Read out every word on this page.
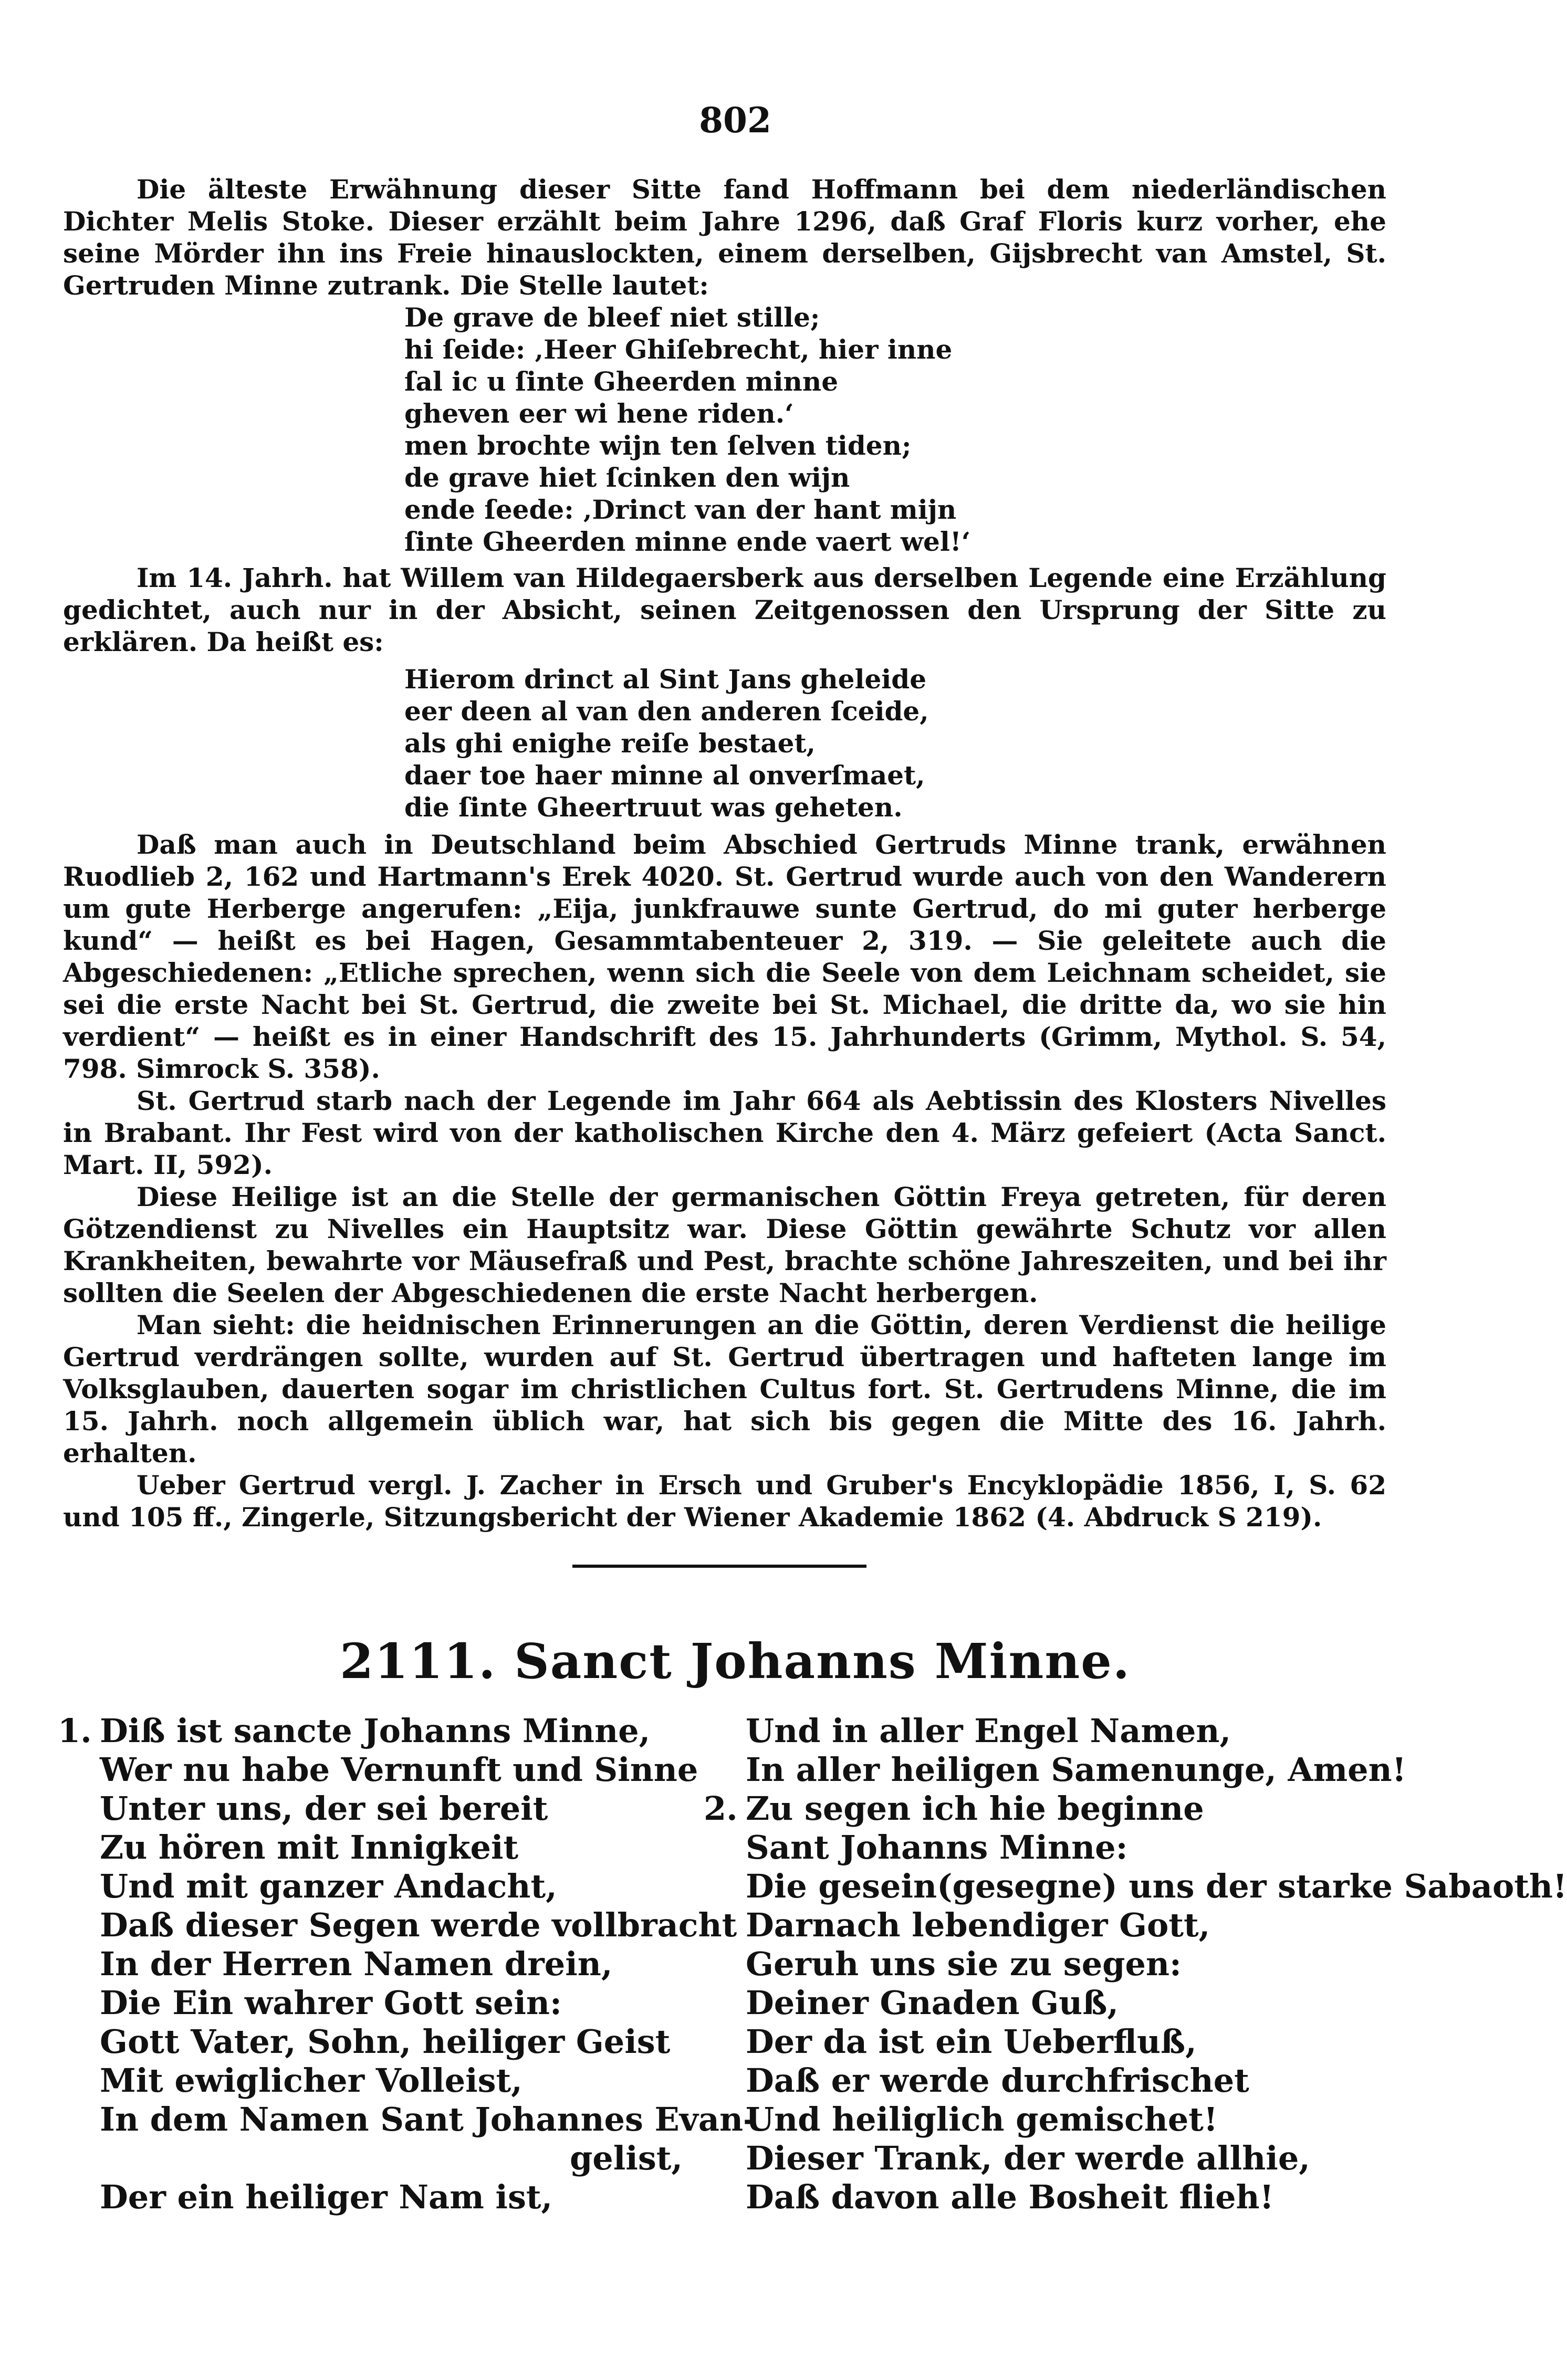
802

Die älteste Erwähnung dieser Sitte fand Hoffmann bei dem niederländischen Dichter Melis Stoke. Dieser erzählt beim Jahre 1296, daß Graf Floris kurz vorher, ehe seine Mörder ihn ins Freie hinauslockten, einem derselben, Gijsbrecht van Amstel, St. Gertruden Minne zutrank. Die Stelle lautet:

De grave de bleef niet stille;
hi ſeide: ‚Heer Ghiſebrecht, hier inne
ſal ic u ſinte Gheerden minne
gheven eer wi hene riden.‘
men brochte wijn ten ſelven tiden;
de grave hiet ſcinken den wijn
ende ſeede: ‚Drinct van der hant mijn
ſinte Gheerden minne ende vaert wel!‘

Im 14. Jahrh. hat Willem van Hildegaersberk aus derselben Legende eine Erzählung gedichtet, auch nur in der Absicht, seinen Zeitgenossen den Ursprung der Sitte zu erklären. Da heißt es:

Hierom drinct al Sint Jans gheleide
eer deen al van den anderen ſceide,
als ghi enighe reiſe bestaet,
daer toe haer minne al onverſmaet,
die ſinte Gheertruut was geheten.

Daß man auch in Deutschland beim Abschied Gertruds Minne trank, erwähnen Ruodlieb 2, 162 und Hartmann's Erek 4020. St. Gertrud wurde auch von den Wanderern um gute Herberge angerufen: „Eija, junkfrauwe sunte Gertrud, do mi guter herberge kund“ — heißt es bei Hagen, Gesammtabenteuer 2, 319. — Sie geleitete auch die Abgeschiedenen: „Etliche sprechen, wenn sich die Seele von dem Leichnam scheidet, sie sei die erste Nacht bei St. Gertrud, die zweite bei St. Michael, die dritte da, wo sie hin verdient“ — heißt es in einer Handschrift des 15. Jahrhunderts (Grimm, Mythol. S. 54, 798. Simrock S. 358).

St. Gertrud starb nach der Legende im Jahr 664 als Aebtissin des Klosters Nivelles in Brabant. Ihr Fest wird von der katholischen Kirche den 4. März gefeiert (Acta Sanct. Mart. II, 592).

Diese Heilige ist an die Stelle der germanischen Göttin Freya getreten, für deren Götzendienst zu Nivelles ein Hauptsitz war. Diese Göttin gewährte Schutz vor allen Krankheiten, bewahrte vor Mäusefraß und Pest, brachte schöne Jahreszeiten, und bei ihr sollten die Seelen der Abgeschiedenen die erste Nacht herbergen.

Man sieht: die heidnischen Erinnerungen an die Göttin, deren Verdienst die heilige Gertrud verdrängen sollte, wurden auf St. Gertrud übertragen und hafteten lange im Volksglauben, dauerten sogar im christlichen Cultus fort. St. Gertrudens Minne, die im 15. Jahrh. noch allgemein üblich war, hat sich bis gegen die Mitte des 16. Jahrh. erhalten.

Ueber Gertrud vergl. J. Zacher in Ersch und Gruber's Encyklopädie 1856, I, S. 62 und 105 ff., Zingerle, Sitzungsbericht der Wiener Akademie 1862 (4. Abdruck S 219).

2111. Sanct Johanns Minne.
1. Diß ist sancte Johanns Minne,
Wer nu habe Vernunft und Sinne
Unter uns, der sei bereit
Zu hören mit Innigkeit
Und mit ganzer Andacht,
Daß dieser Segen werde vollbracht
In der Herren Namen drein,
Die Ein wahrer Gott sein:
Gott Vater, Sohn, heiliger Geist
Mit ewiglicher Volleist,
In dem Namen Sant Johannes Evan-
gelist,
Der ein heiliger Nam ist,
Und in aller Engel Namen,
In aller heiligen Samenunge, Amen!
2. Zu segen ich hie beginne
Sant Johanns Minne:
Die gesein(gesegne) uns der starke Sabaoth!
Darnach lebendiger Gott,
Geruh uns sie zu segen:
Deiner Gnaden Guß,
Der da ist ein Ueberfluß,
Daß er werde durchfrischet
Und heiliglich gemischet!
Dieser Trank, der werde allhie,
Daß davon alle Bosheit flieh!
